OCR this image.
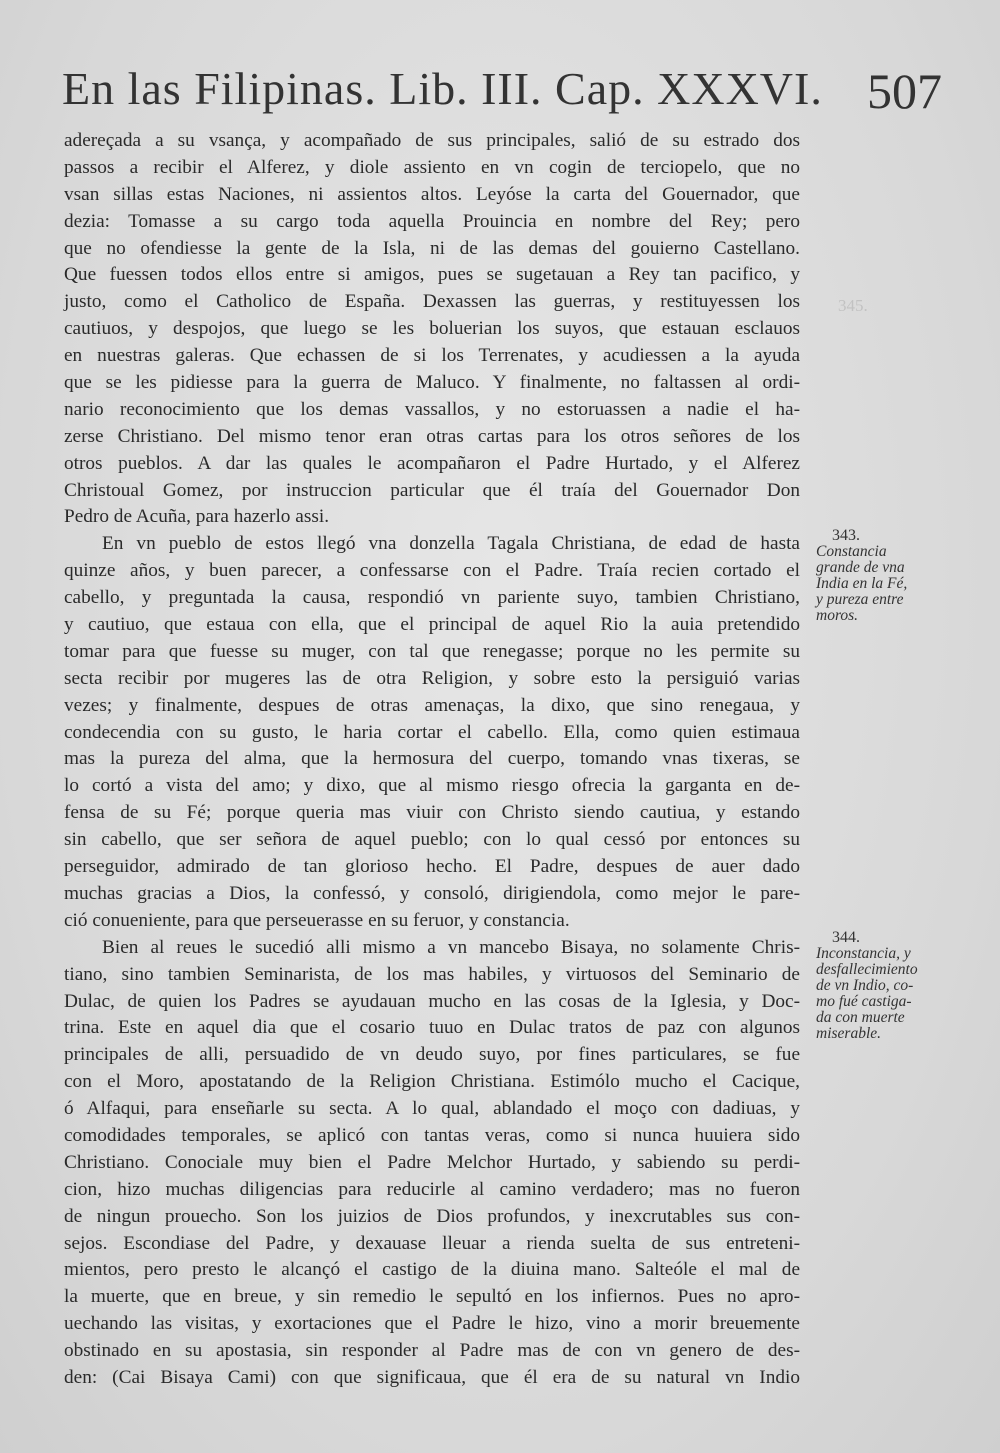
En las Filipinas. Lib. III. Cap. XXXVI. 507
345.
adereçada a su vsança, y acompañado de sus principales, salió de su estrado dos
passos a recibir el Alferez, y diole assiento en vn cogin de terciopelo, que no
vsan sillas estas Naciones, ni assientos altos. Leyóse la carta del Gouernador, que
dezia: Tomasse a su cargo toda aquella Prouincia en nombre del Rey; pero
que no ofendiesse la gente de la Isla, ni de las demas del gouierno Castellano.
Que fuessen todos ellos entre si amigos, pues se sugetauan a Rey tan pacifico, y
justo, como el Catholico de España. Dexassen las guerras, y restituyessen los
cautiuos, y despojos, que luego se les boluerian los suyos, que estauan esclauos
en nuestras galeras. Que echassen de si los Terrenates, y acudiessen a la ayuda
que se les pidiesse para la guerra de Maluco. Y finalmente, no faltassen al ordi-
nario reconocimiento que los demas vassallos, y no estoruassen a nadie el ha-
zerse Christiano. Del mismo tenor eran otras cartas para los otros señores de los
otros pueblos. A dar las quales le acompañaron el Padre Hurtado, y el Alferez
Christoual Gomez, por instruccion particular que él traía del Gouernador Don
Pedro de Acuña, para hazerlo assi.
En vn pueblo de estos llegó vna donzella Tagala Christiana, de edad de hasta
quinze años, y buen parecer, a confessarse con el Padre. Traía recien cortado el
cabello, y preguntada la causa, respondió vn pariente suyo, tambien Christiano,
y cautiuo, que estaua con ella, que el principal de aquel Rio la auia pretendido
tomar para que fuesse su muger, con tal que renegasse; porque no les permite su
secta recibir por mugeres las de otra Religion, y sobre esto la persiguió varias
vezes; y finalmente, despues de otras amenaças, la dixo, que sino renegaua, y
condecendia con su gusto, le haria cortar el cabello. Ella, como quien estimaua
mas la pureza del alma, que la hermosura del cuerpo, tomando vnas tixeras, se
lo cortó a vista del amo; y dixo, que al mismo riesgo ofrecia la garganta en de-
fensa de su Fé; porque queria mas viuir con Christo siendo cautiua, y estando
sin cabello, que ser señora de aquel pueblo; con lo qual cessó por entonces su
perseguidor, admirado de tan glorioso hecho. El Padre, despues de auer dado
muchas gracias a Dios, la confessó, y consoló, dirigiendola, como mejor le pare-
ció conueniente, para que perseuerasse en su feruor, y constancia.
Bien al reues le sucedió alli mismo a vn mancebo Bisaya, no solamente Chris-
tiano, sino tambien Seminarista, de los mas habiles, y virtuosos del Seminario de
Dulac, de quien los Padres se ayudauan mucho en las cosas de la Iglesia, y Doc-
trina. Este en aquel dia que el cosario tuuo en Dulac tratos de paz con algunos
principales de alli, persuadido de vn deudo suyo, por fines particulares, se fue
con el Moro, apostatando de la Religion Christiana. Estimólo mucho el Cacique,
ó Alfaqui, para enseñarle su secta. A lo qual, ablandado el moço con dadiuas, y
comodidades temporales, se aplicó con tantas veras, como si nunca huuiera sido
Christiano. Conociale muy bien el Padre Melchor Hurtado, y sabiendo su perdi-
cion, hizo muchas diligencias para reducirle al camino verdadero; mas no fueron
de ningun prouecho. Son los juizios de Dios profundos, y inexcrutables sus con-
sejos. Escondiase del Padre, y dexauase lleuar a rienda suelta de sus entreteni-
mientos, pero presto le alcançó el castigo de la diuina mano. Salteóle el mal de
la muerte, que en breue, y sin remedio le sepultó en los infiernos. Pues no apro-
uechando las visitas, y exortaciones que el Padre le hizo, vino a morir breuemente
obstinado en su apostasia, sin responder al Padre mas de con vn genero de des-
den: (Cai Bisaya Cami) con que significaua, que él era de su natural vn Indio
343.
Constancia
grande de vna
India en la Fé,
y pureza entre
moros.
344.
Inconstancia, y
desfallecimiento
de vn Indio, co-
mo fué castiga-
da con muerte
miserable.
